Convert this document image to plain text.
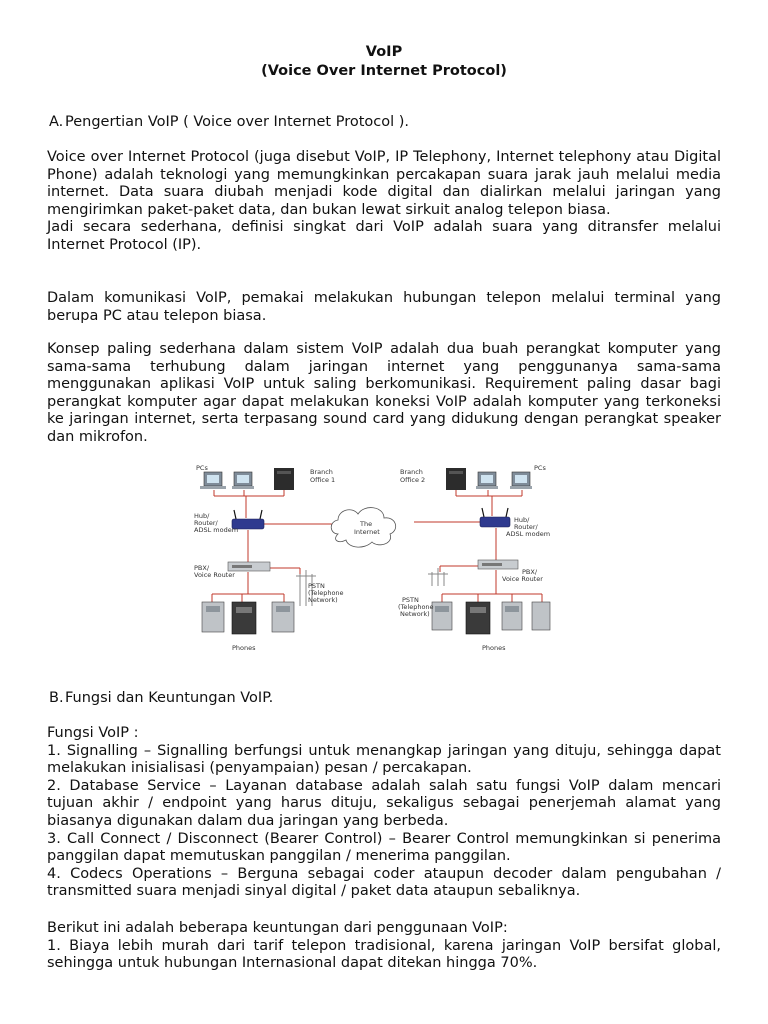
VoIP
(Voice Over Internet Protocol)
A. Pengertian VoIP ( Voice over Internet Protocol ).
Voice over Internet Protocol (juga disebut VoIP, IP Telephony, Internet telephony atau Digital Phone) adalah teknologi yang memungkinkan percakapan suara jarak jauh melalui media internet. Data suara diubah menjadi kode digital dan dialirkan melalui jaringan yang mengirimkan paket-paket data, dan bukan lewat sirkuit analog telepon biasa.
Jadi secara sederhana, definisi singkat dari VoIP adalah suara yang ditransfer melalui Internet Protocol (IP).
Dalam komunikasi VoIP, pemakai melakukan hubungan telepon melalui terminal yang berupa PC atau telepon biasa.
Konsep paling sederhana dalam sistem VoIP adalah dua buah perangkat komputer yang sama-sama terhubung dalam jaringan internet yang penggunanya sama-sama menggunakan aplikasi VoIP untuk saling berkomunikasi. Requirement paling dasar bagi perangkat komputer agar dapat melakukan koneksi VoIP adalah komputer yang terkoneksi ke jaringan internet, serta terpasang sound card yang didukung dengan perangkat speaker dan mikrofon.
PCs	Branch
Office 1
Hub/
Router/
ADSL modem
PBX/
Voice Router
PSTN
(Telephone
Network)
Phones
The
Internet
Branch
Office 2
PCs
Hub/
Router/
ADSL modem
PBX/
Voice Router
PSTN
(Telephone
Network)
Phones
B.Fungsi dan Keuntungan VoIP.
Fungsi VoIP :
1. Signalling – Signalling berfungsi untuk menangkap jaringan yang dituju, sehingga dapat melakukan inisialisasi (penyampaian) pesan / percakapan.
2. Database Service – Layanan database adalah salah satu fungsi VoIP dalam mencari tujuan akhir / endpoint yang harus dituju, sekaligus sebagai penerjemah alamat yang biasanya digunakan dalam dua jaringan yang berbeda.
3. Call Connect / Disconnect (Bearer Control) – Bearer Control memungkinkan si penerima panggilan dapat memutuskan panggilan / menerima panggilan.
4. Codecs Operations – Berguna sebagai coder ataupun decoder dalam pengubahan / transmitted suara menjadi sinyal digital / paket data ataupun sebaliknya.
Berikut ini adalah beberapa keuntungan dari penggunaan VoIP:
1. Biaya lebih murah dari tarif telepon tradisional, karena jaringan VoIP bersifat global, sehingga untuk hubungan Internasional dapat ditekan hingga 70%.
